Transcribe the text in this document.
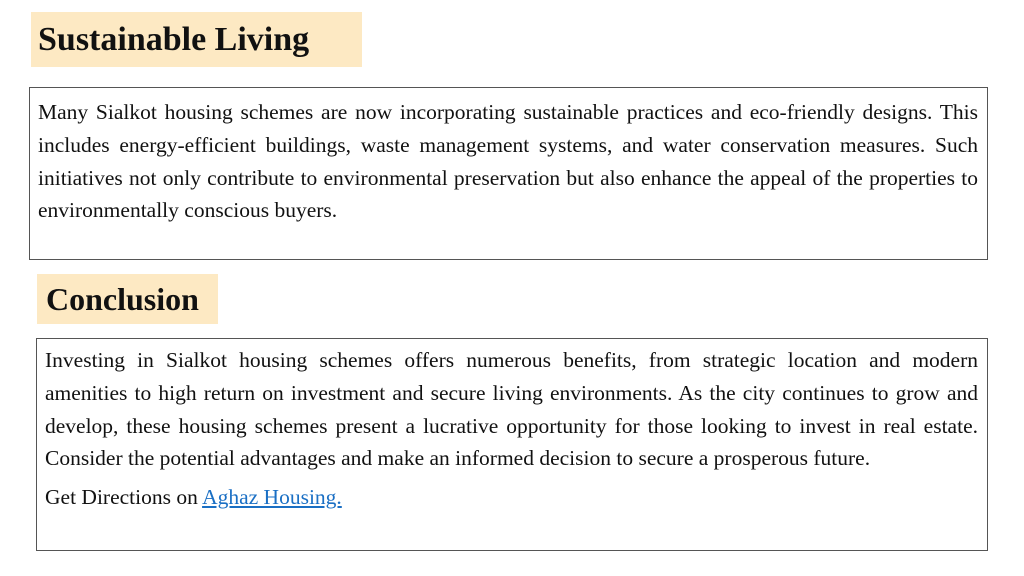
Sustainable Living
Many Sialkot housing schemes are now incorporating sustainable practices and eco-friendly designs. This includes energy-efficient buildings, waste management systems, and water conservation measures. Such initiatives not only contribute to environmental preservation but also enhance the appeal of the properties to environmentally conscious buyers.
Conclusion

Investing in Sialkot housing schemes offers numerous benefits, from strategic location and modern amenities to high return on investment and secure living environments. As the city continues to grow and develop, these housing schemes present a lucrative opportunity for those looking to invest in real estate. Consider the potential advantages and make an informed decision to secure a prosperous future.

Get Directions on Aghaz Housing.
